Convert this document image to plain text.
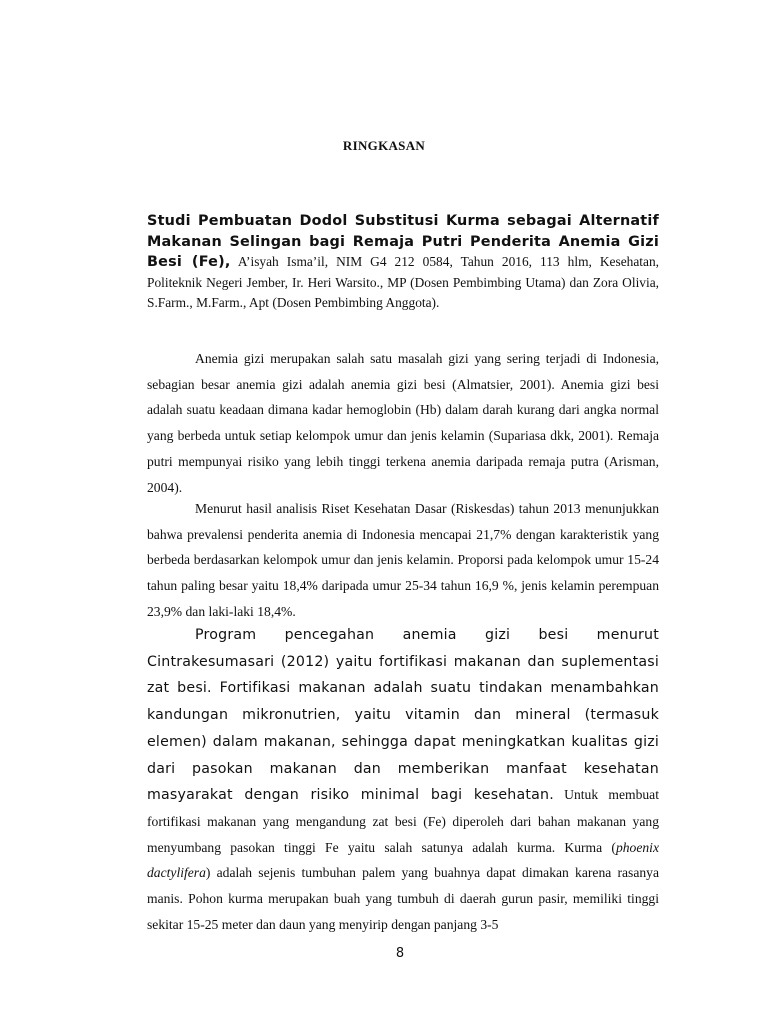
RINGKASAN
Studi Pembuatan Dodol Substitusi Kurma sebagai Alternatif Makanan Selingan bagi Remaja Putri Penderita Anemia Gizi Besi (Fe), A’isyah Isma’il, NIM G4 212 0584, Tahun 2016, 113 hlm, Kesehatan, Politeknik Negeri Jember, Ir. Heri Warsito., MP (Dosen Pembimbing Utama) dan Zora Olivia, S.Farm., M.Farm., Apt (Dosen Pembimbing Anggota).

Anemia gizi merupakan salah satu masalah gizi yang sering terjadi di Indonesia, sebagian besar anemia gizi adalah anemia gizi besi (Almatsier, 2001). Anemia gizi besi adalah suatu keadaan dimana kadar hemoglobin (Hb) dalam darah kurang dari angka normal yang berbeda untuk setiap kelompok umur dan jenis kelamin (Supariasa dkk, 2001). Remaja putri mempunyai risiko yang lebih tinggi terkena anemia daripada remaja putra (Arisman, 2004).

Menurut hasil analisis Riset Kesehatan Dasar (Riskesdas) tahun 2013 menunjukkan bahwa prevalensi penderita anemia di Indonesia mencapai 21,7% dengan karakteristik yang berbeda berdasarkan kelompok umur dan jenis kelamin. Proporsi pada kelompok umur 15-24 tahun paling besar yaitu 18,4% daripada umur 25-34 tahun 16,9 %, jenis kelamin perempuan 23,9% dan laki-laki 18,4%.

Program pencegahan anemia gizi besi menurut Cintrakesumasari (2012) yaitu fortifikasi makanan dan suplementasi zat besi. Fortifikasi makanan adalah suatu tindakan menambahkan kandungan mikronutrien, yaitu vitamin dan mineral (termasuk elemen) dalam makanan, sehingga dapat meningkatkan kualitas gizi dari pasokan makanan dan memberikan manfaat kesehatan masyarakat dengan risiko minimal bagi kesehatan. Untuk membuat fortifikasi makanan yang mengandung zat besi (Fe) diperoleh dari bahan makanan yang menyumbang pasokan tinggi Fe yaitu salah satunya adalah kurma. Kurma (phoenix dactylifera) adalah sejenis tumbuhan palem yang buahnya dapat dimakan karena rasanya manis. Pohon kurma merupakan buah yang tumbuh di daerah gurun pasir, memiliki tinggi sekitar 15-25 meter dan daun yang menyirip dengan panjang 3-5

8
